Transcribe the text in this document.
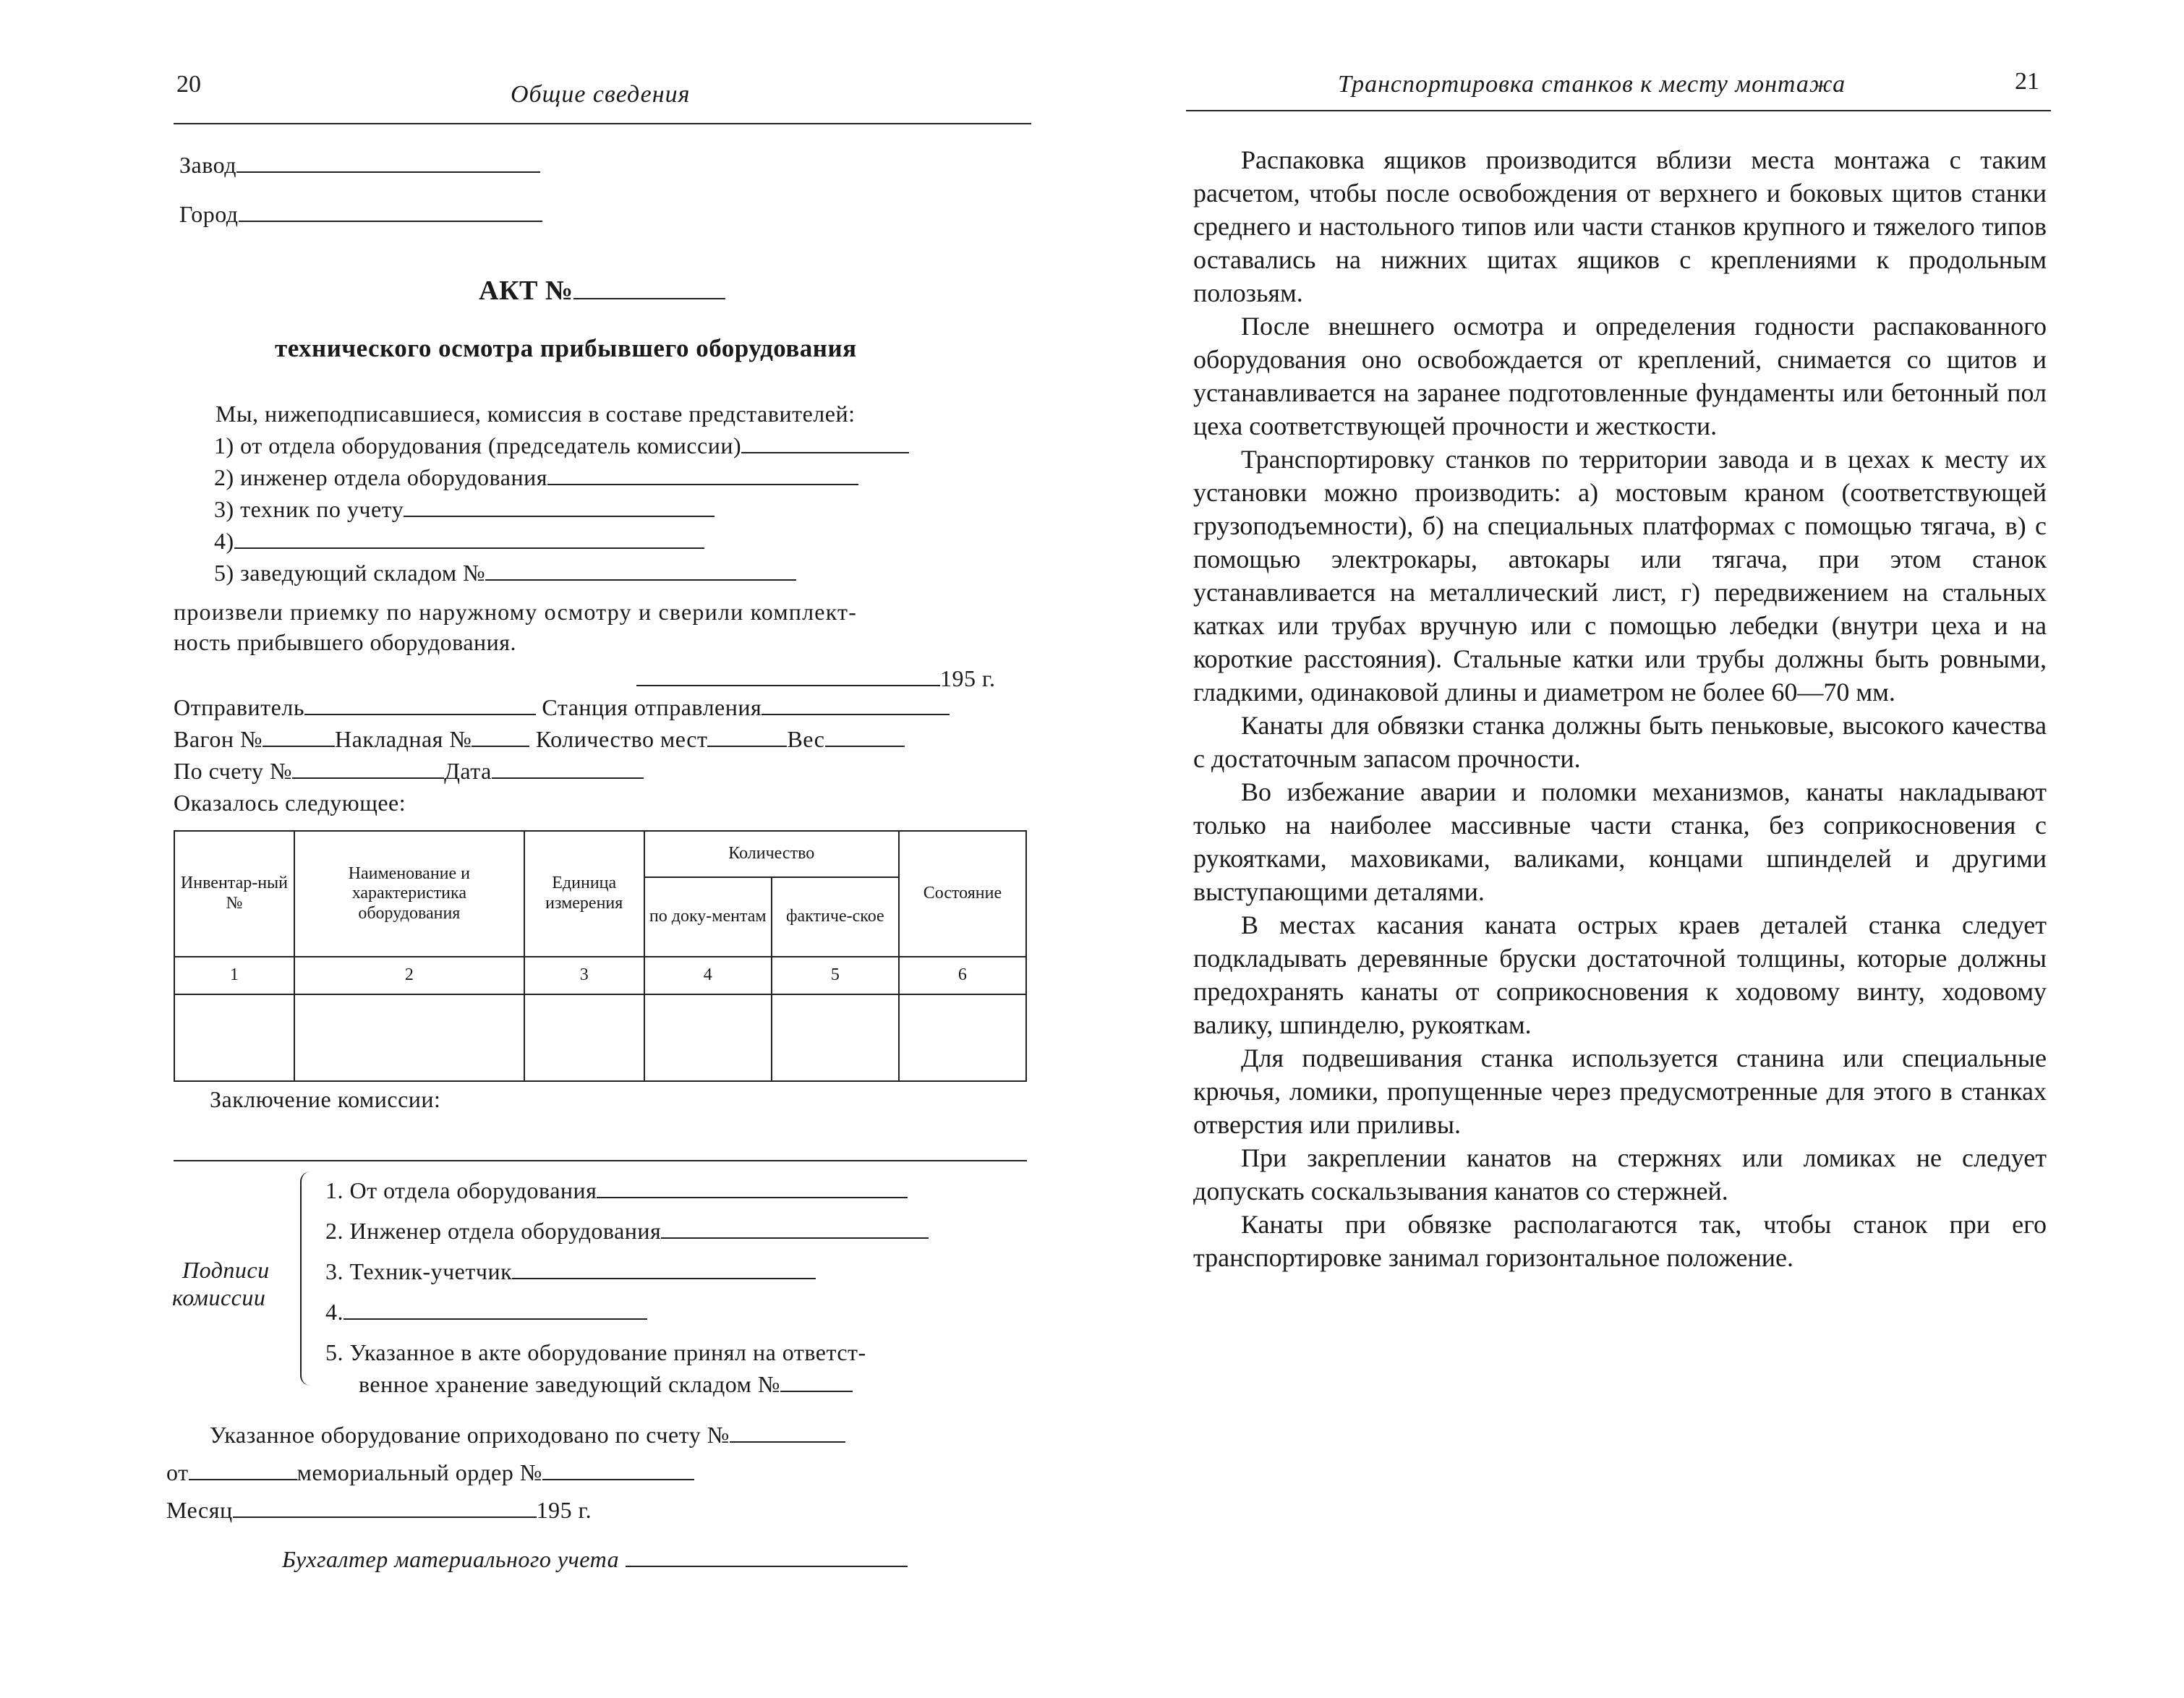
20	Общие сведения
Завод
Город
АКТ №
технического осмотра прибывшего оборудования
Мы, нижеподписавшиеся, комиссия в составе представителей:
1) от отдела оборудования (председатель комиссии)
2) инженер отдела оборудования
3) техник по учету
4)
5) заведующий складом №
произвели приемку по наружному осмотру и сверили комплект-
ность прибывшего оборудования.
195 г.
Отправитель	Станция отправления
Вагон №	Накладная №	Количество мест	Вес
По счету №	Дата
Оказалось следующее:
Инвентар-ный №	Наименование и характеристика оборудования	Единица измерения	Количество		Состояние
			по доку-ментам	фактиче-ское	
1	2	3	4	5	6

Заключение комиссии:
Подписи
комиссии
1. От отдела оборудования
2. Инженер отдела оборудования
3. Техник-учетчик
4.
5. Указанное в акте оборудование принял на ответст-
венное хранение заведующий складом №
Указанное оборудование оприходовано по счету №
от	мемориальный ордер №
Месяц	195 г.
Бухгалтер материального учета
Транспортировка станков к месту монтажа	21

Распаковка ящиков производится вблизи места монтажа с таким расчетом, чтобы после освобождения от верхнего и боковых щитов станки среднего и настольного типов или части станков крупного и тяжелого типов оставались на нижних щитах ящиков с креплениями к продольным полозьям.

После внешнего осмотра и определения годности распакованного оборудования оно освобождается от креплений, снимается со щитов и устанавливается на заранее подготовленные фундаменты или бетонный пол цеха соответствующей прочности и жесткости.

Транспортировку станков по территории завода и в цехах к месту их установки можно производить: а) мостовым краном (соответствующей грузоподъемности), б) на специальных платформах с помощью тягача, в) с помощью электрокары, автокары или тягача, при этом станок устанавливается на металлический лист, г) передвижением на стальных катках или трубах вручную или с помощью лебедки (внутри цеха и на короткие расстояния). Стальные катки или трубы должны быть ровными, гладкими, одинаковой длины и диаметром не более 60—70 мм.

Канаты для обвязки станка должны быть пеньковые, высокого качества с достаточным запасом прочности.

Во избежание аварии и поломки механизмов, канаты накладывают только на наиболее массивные части станка, без соприкосновения с рукоятками, маховиками, валиками, концами шпинделей и другими выступающими деталями.

В местах касания каната острых краев деталей станка следует подкладывать деревянные бруски достаточной толщины, которые должны предохранять канаты от соприкосновения к ходовому винту, ходовому валику, шпинделю, рукояткам.

Для подвешивания станка используется станина или специальные крючья, ломики, пропущенные через предусмотренные для этого в станках отверстия или приливы.

При закреплении канатов на стержнях или ломиках не следует допускать соскальзывания канатов со стержней.

Канаты при обвязке располагаются так, чтобы станок при его транспортировке занимал горизонтальное положение.
